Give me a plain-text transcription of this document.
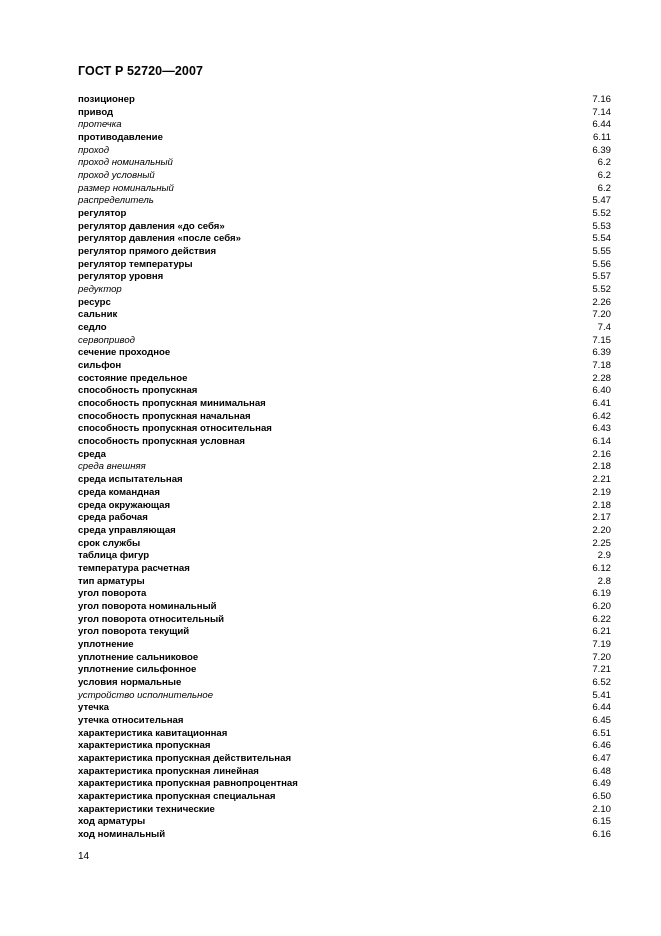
ГОСТ Р 52720—2007
позиционер	7.16
привод	7.14
протечка	6.44
противодавление	6.11
проход	6.39
проход номинальный	6.2
проход условный	6.2
размер номинальный	6.2
распределитель	5.47
регулятор	5.52
регулятор давления «до себя»	5.53
регулятор давления «после себя»	5.54
регулятор прямого действия	5.55
регулятор температуры	5.56
регулятор уровня	5.57
редуктор	5.52
ресурс	2.26
сальник	7.20
седло	7.4
сервопривод	7.15
сечение проходное	6.39
сильфон	7.18
состояние предельное	2.28
способность пропускная	6.40
способность пропускная минимальная	6.41
способность пропускная начальная	6.42
способность пропускная относительная	6.43
способность пропускная условная	6.14
среда	2.16
среда внешняя	2.18
среда испытательная	2.21
среда командная	2.19
среда окружающая	2.18
среда рабочая	2.17
среда управляющая	2.20
срок службы	2.25
таблица фигур	2.9
температура расчетная	6.12
тип арматуры	2.8
угол поворота	6.19
угол поворота номинальный	6.20
угол поворота относительный	6.22
угол поворота текущий	6.21
уплотнение	7.19
уплотнение сальниковое	7.20
уплотнение сильфонное	7.21
условия нормальные	6.52
устройство исполнительное	5.41
утечка	6.44
утечка относительная	6.45
характеристика кавитационная	6.51
характеристика пропускная	6.46
характеристика пропускная действительная	6.47
характеристика пропускная линейная	6.48
характеристика пропускная равнопроцентная	6.49
характеристика пропускная специальная	6.50
характеристики технические	2.10
ход арматуры	6.15
ход номинальный	6.16
14
